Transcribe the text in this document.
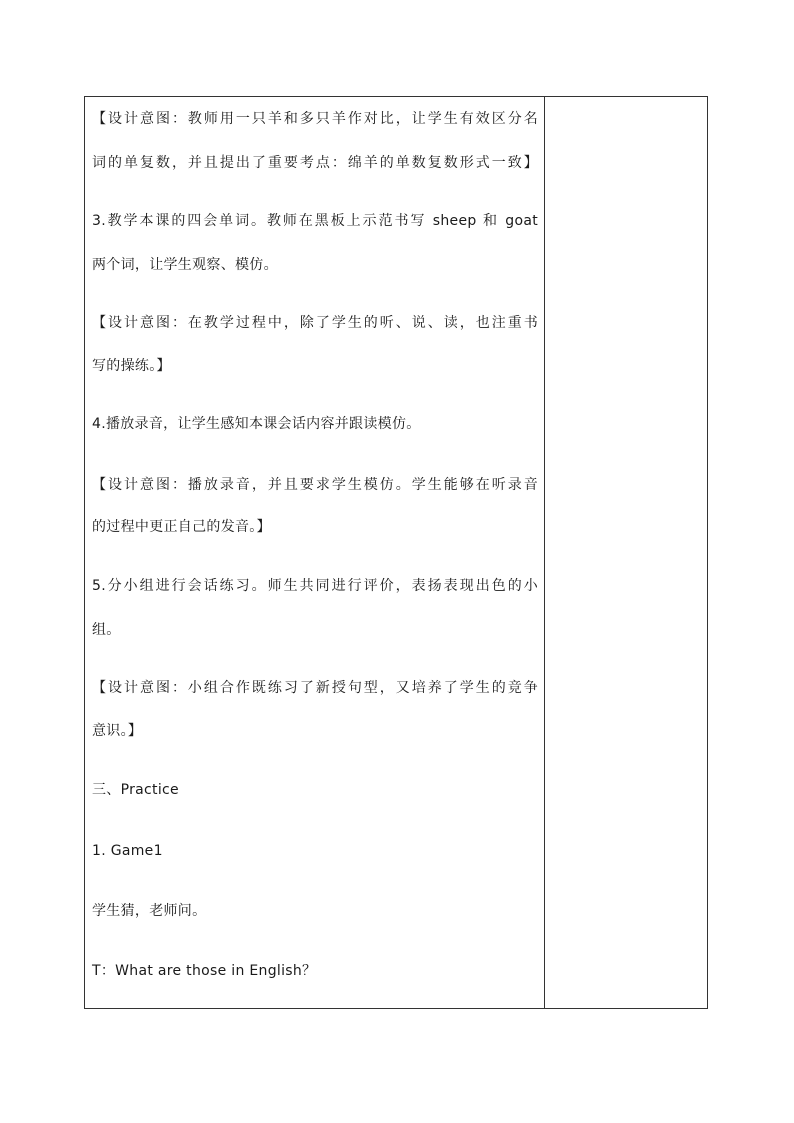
【设计意图：教师用一只羊和多只羊作对比，让学生有效区分名
词的单复数，并且提出了重要考点：绵羊的单数复数形式一致】
3.教学本课的四会单词。教师在黑板上示范书写 sheep 和 goat
两个词，让学生观察、模仿。
【设计意图：在教学过程中，除了学生的听、说、读，也注重书
写的操练。】
4.播放录音，让学生感知本课会话内容并跟读模仿。
【设计意图：播放录音，并且要求学生模仿。学生能够在听录音
的过程中更正自己的发音。】
5.分小组进行会话练习。师生共同进行评价，表扬表现出色的小
组。
【设计意图：小组合作既练习了新授句型，又培养了学生的竞争
意识。】
三、Practice
1. Game1
学生猜，老师问。
T：What are those in English？
